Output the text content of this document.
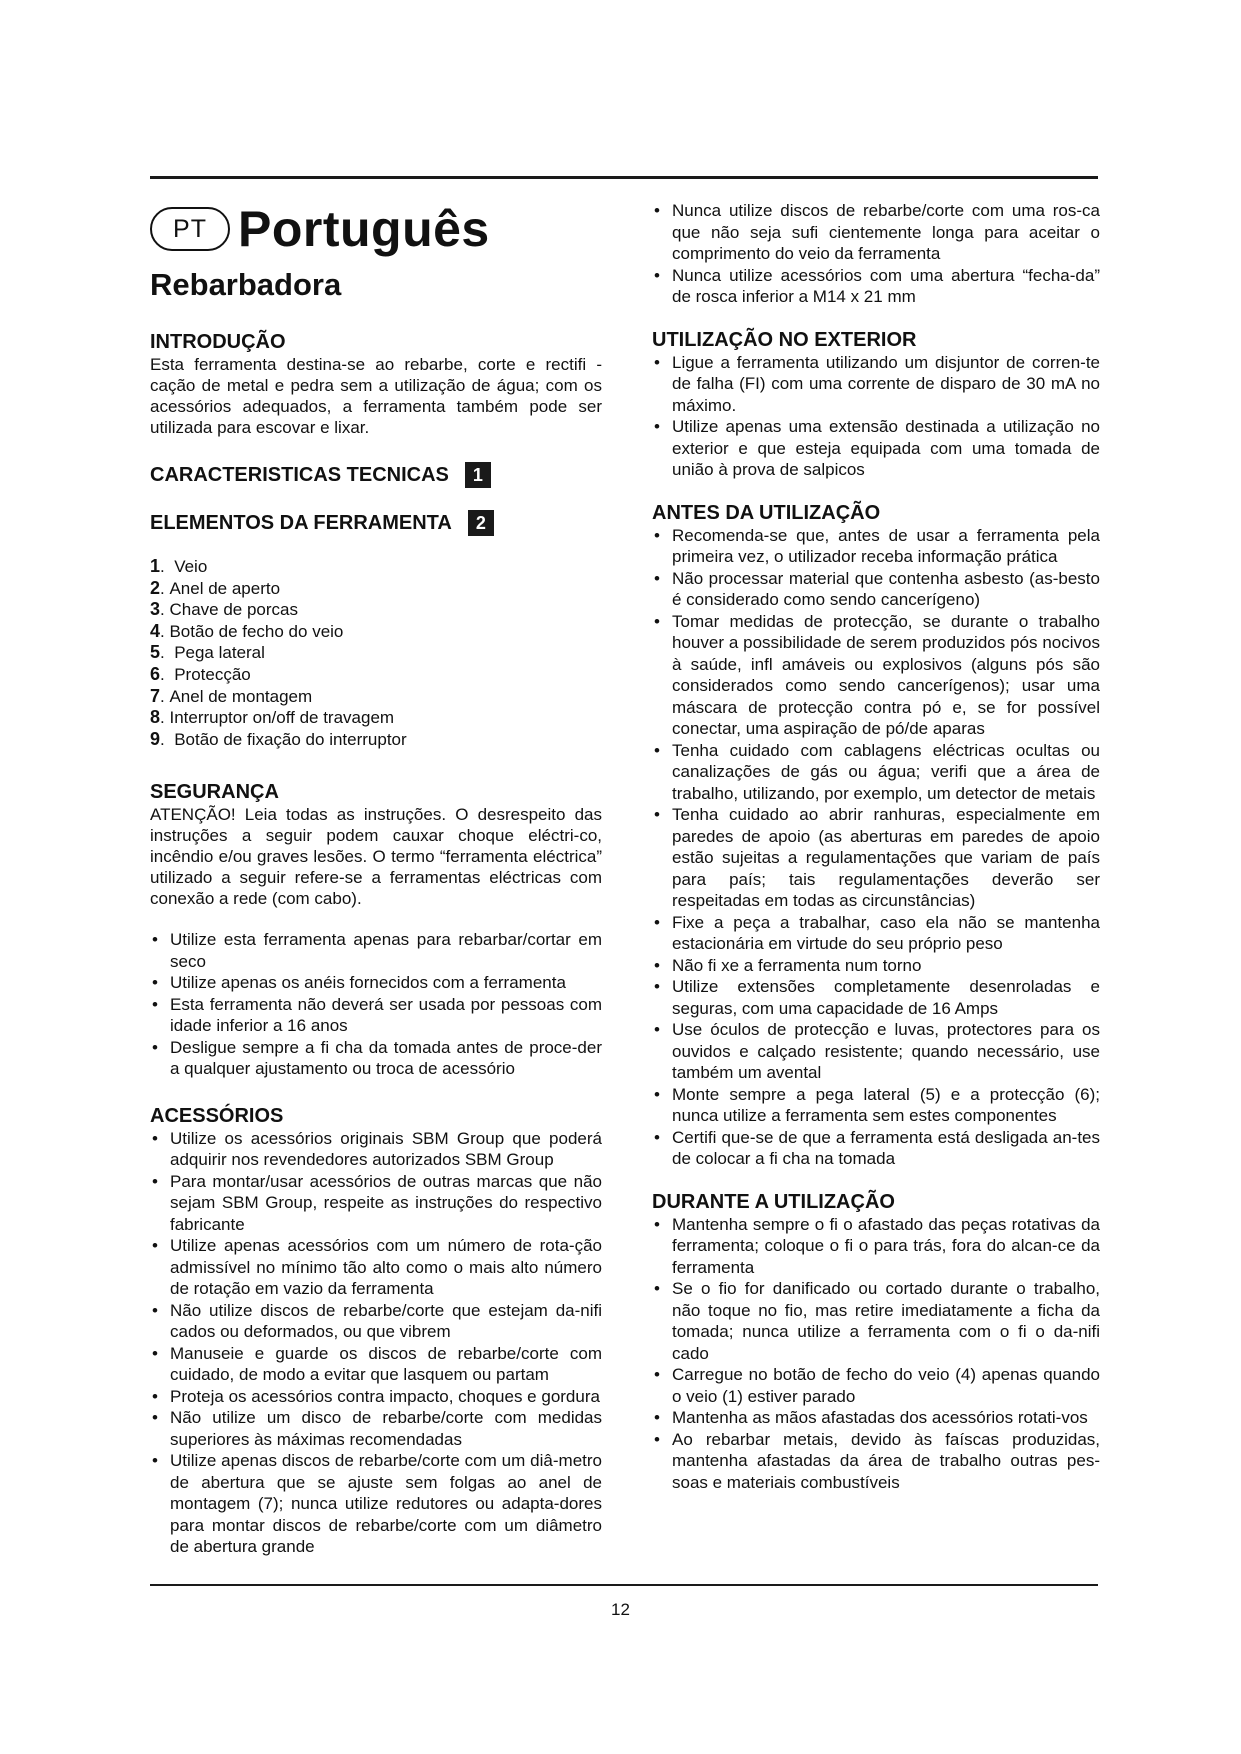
PT Português
Rebarbadora
INTRODUÇÃO

Esta ferramenta destina-se ao rebarbe, corte e rectifi - cação de metal e pedra sem a utilização de água; com os acessórios adequados, a ferramenta também pode ser utilizada para escovar e lixar.

CARACTERISTICAS TECNICAS	1
ELEMENTOS DA FERRAMENTA	2
1.  Veio
2. Anel de aperto
3. Chave de porcas
4. Botão de fecho do veio
5.  Pega lateral
6.  Protecção
7. Anel de montagem
8. Interruptor on/off de travagem
9.  Botão de fixação do interruptor
SEGURANÇA

ATENÇÃO! Leia todas as instruções. O desrespeito das instruções a seguir podem cauxar choque eléctri-co, incêndio e/ou graves lesões. O termo “ferramenta eléctrica” utilizado a seguir refere-se a ferramentas eléctricas com conexão a rede (com cabo).

• Utilize esta ferramenta apenas para rebarbar/cortar em seco
• Utilize apenas os anéis fornecidos com a ferramenta
• Esta ferramenta não deverá ser usada por pessoas com idade inferior a 16 anos
• Desligue sempre a fi cha da tomada antes de proce-der a qualquer ajustamento ou troca de acessório
ACESSÓRIOS
• Utilize os acessórios originais SBM Group que poderá adquirir nos revendedores autorizados SBM Group
• Para montar/usar acessórios de outras marcas que não sejam SBM Group, respeite as instruções do respectivo fabricante
• Utilize apenas acessórios com um número de rota-ção admissível no mínimo tão alto como o mais alto número de rotação em vazio da ferramenta
• Não utilize discos de rebarbe/corte que estejam da-nifi cados ou deformados, ou que vibrem
• Manuseie e guarde os discos de rebarbe/corte com cuidado, de modo a evitar que lasquem ou partam
• Proteja os acessórios contra impacto, choques e gordura
• Não utilize um disco de rebarbe/corte com medidas superiores às máximas recomendadas
• Utilize apenas discos de rebarbe/corte com um diâ-metro de abertura que se ajuste sem folgas ao anel de montagem (7); nunca utilize redutores ou adapta-dores para montar discos de rebarbe/corte com um diâmetro de abertura grande
• Nunca utilize discos de rebarbe/corte com uma ros-ca que não seja sufi cientemente longa para aceitar o comprimento do veio da ferramenta
• Nunca utilize acessórios com uma abertura “fecha-da” de rosca inferior a M14 x 21 mm
UTILIZAÇÃO NO EXTERIOR
• Ligue a ferramenta utilizando um disjuntor de corren-te de falha (FI) com uma corrente de disparo de 30 mA no máximo.
• Utilize apenas uma extensão destinada a utilização no exterior e que esteja equipada com uma tomada de união à prova de salpicos
ANTES DA UTILIZAÇÃO
• Recomenda-se que, antes de usar a ferramenta pela primeira vez, o utilizador receba informação prática
• Não processar material que contenha asbesto (as-besto é considerado como sendo cancerígeno)
• Tomar medidas de protecção, se durante o trabalho houver a possibilidade de serem produzidos pós nocivos à saúde, infl amáveis ou explosivos (alguns pós são considerados como sendo cancerígenos); usar uma máscara de protecção contra pó e, se for possível conectar, uma aspiração de pó/de aparas
• Tenha cuidado com cablagens eléctricas ocultas ou canalizações de gás ou água; verifi que a área de trabalho, utilizando, por exemplo, um detector de metais
• Tenha cuidado ao abrir ranhuras, especialmente em paredes de apoio (as aberturas em paredes de apoio estão sujeitas a regulamentações que variam de país para país; tais regulamentações deverão ser respeitadas em todas as circunstâncias)
• Fixe a peça a trabalhar, caso ela não se mantenha estacionária em virtude do seu próprio peso
• Não fi xe a ferramenta num torno
• Utilize extensões completamente desenroladas e seguras, com uma capacidade de 16 Amps
• Use óculos de protecção e luvas, protectores para os ouvidos e calçado resistente; quando necessário, use também um avental
• Monte sempre a pega lateral (5) e a protecção (6); nunca utilize a ferramenta sem estes componentes
• Certifi que-se de que a ferramenta está desligada an-tes de colocar a fi cha na tomada
DURANTE A UTILIZAÇÃO
• Mantenha sempre o fi o afastado das peças rotativas da ferramenta; coloque o fi o para trás, fora do alcan-ce da ferramenta
• Se o fio for danificado ou cortado durante o trabalho, não toque no fio, mas retire imediatamente a ficha da tomada; nunca utilize a ferramenta com o fi o da-nifi cado
• Carregue no botão de fecho do veio (4) apenas quando o veio (1) estiver parado
• Mantenha as mãos afastadas dos acessórios rotati-vos
• Ao rebarbar metais, devido às faíscas produzidas, mantenha afastadas da área de trabalho outras pes-soas e materiais combustíveis
12
